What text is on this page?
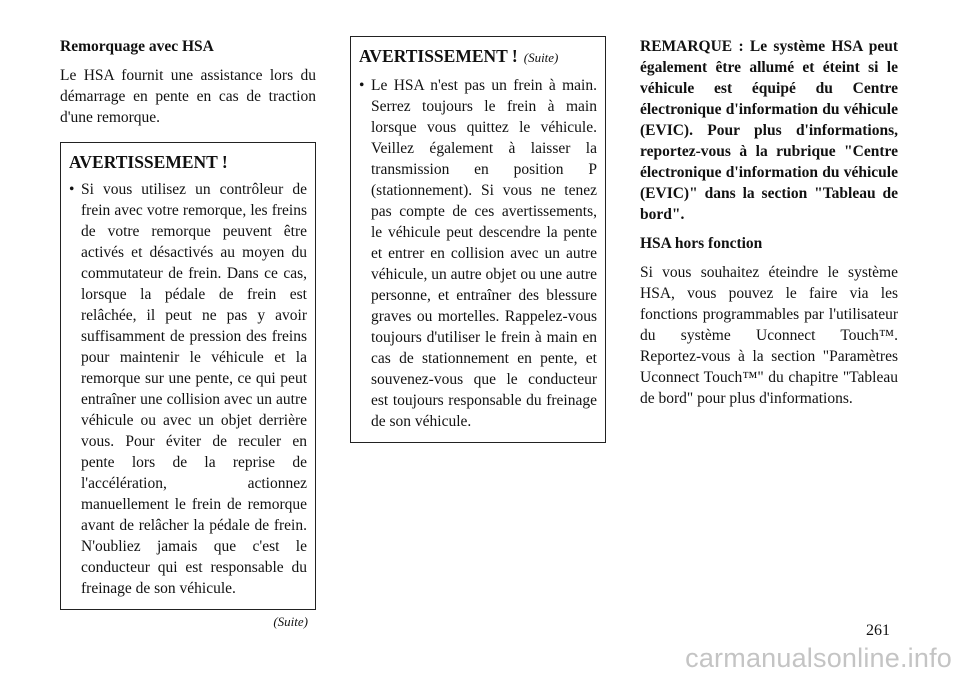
Remorquage avec HSA

Le HSA fournit une assistance lors du démarrage en pente en cas de traction d'une remorque.

AVERTISSEMENT !
• Si vous utilisez un contrôleur de frein avec votre remorque, les freins de votre remorque peuvent être activés et désactivés au moyen du commutateur de frein. Dans ce cas, lorsque la pédale de frein est relâchée, il peut ne pas y avoir suffisamment de pression des freins pour maintenir le véhicule et la remorque sur une pente, ce qui peut entraîner une collision avec un autre véhicule ou avec un objet derrière vous. Pour éviter de reculer en pente lors de la reprise de l'accélération, actionnez manuellement le frein de remorque avant de relâcher la pédale de frein. N'oubliez jamais que c'est le conducteur qui est responsable du freinage de son véhicule.
(Suite)
AVERTISSEMENT ! (Suite)
• Le HSA n'est pas un frein à main. Serrez toujours le frein à main lorsque vous quittez le véhicule. Veillez également à laisser la transmission en position P (stationnement). Si vous ne tenez pas compte de ces avertissements, le véhicule peut descendre la pente et entrer en collision avec un autre véhicule, un autre objet ou une autre personne, et entraîner des blessure graves ou mortelles. Rappelez-vous toujours d'utiliser le frein à main en cas de stationnement en pente, et souvenez-vous que le conducteur est toujours responsable du freinage de son véhicule.

REMARQUE : Le système HSA peut également être allumé et éteint si le véhicule est équipé du Centre électronique d'information du véhicule (EVIC). Pour plus d'informations, reportez-vous à la rubrique "Centre électronique d'information du véhicule (EVIC)" dans la section "Tableau de bord".

HSA hors fonction

Si vous souhaitez éteindre le système HSA, vous pouvez le faire via les fonctions programmables par l'utilisateur du système Uconnect Touch™. Reportez-vous à la section "Paramètres Uconnect Touch™" du chapitre "Tableau de bord" pour plus d'informations.

261
carmanualsonline.info
